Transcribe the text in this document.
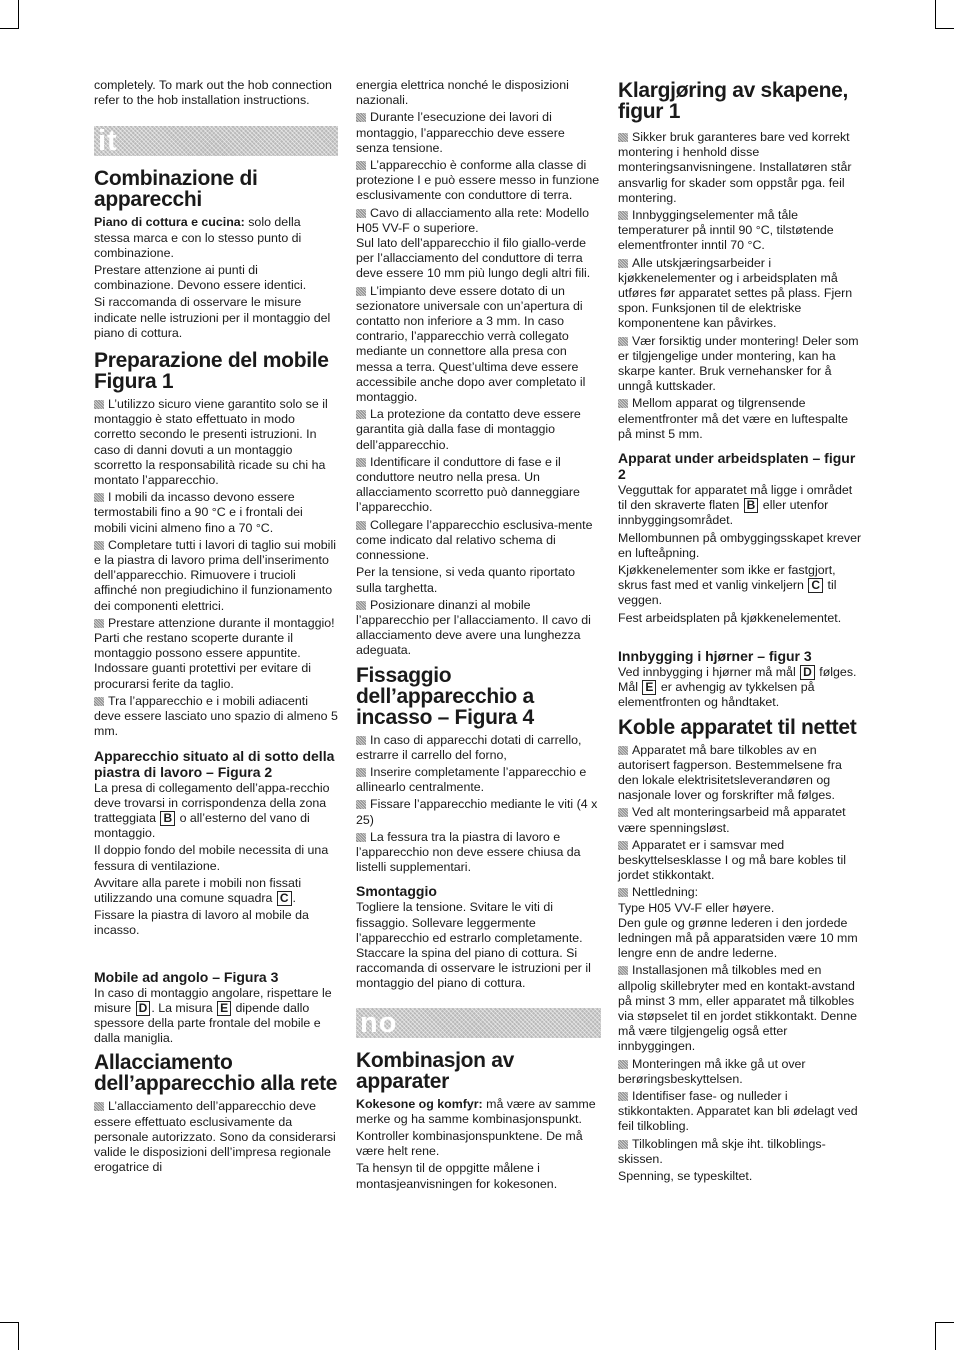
completely. To mark out the hob connection refer to the hob installation instructions.

it
Combinazione di apparecchi

Piano di cottura e cucina: solo della stessa marca e con lo stesso punto di combinazione.

Prestare attenzione ai punti di combinazione. Devono essere identici.

Si raccomanda di osservare le misure indicate nelle istruzioni per il montaggio del piano di cottura.

Preparazione del mobile Figura 1

L’utilizzo sicuro viene garantito solo se il montaggio è stato effettuato in modo corretto secondo le presenti istruzioni. In caso di danni dovuti a un montaggio scorretto la responsabilità ricade su chi ha montato l’apparecchio.

I mobili da incasso devono essere termostabili fino a 90 °C e i frontali dei mobili vicini almeno fino a 70 °C.

Completare tutti i lavori di taglio sui mobili e la piastra di lavoro prima dell’inserimento dell’apparecchio. Rimuovere i trucioli affinché non pregiudichino il funzionamento dei componenti elettrici.

Prestare attenzione durante il montaggio! Parti che restano scoperte durante il montaggio possono essere appuntite. Indossare guanti protettivi per evitare di procurarsi ferite da taglio.

Tra l’apparecchio e i mobili adiacenti deve essere lasciato uno spazio di almeno 5 mm.

Apparecchio situato al di sotto della piastra di lavoro – Figura 2

La presa di collegamento dell’appa-recchio deve trovarsi in corrispondenza della zona tratteggiata B o all’esterno del vano di montaggio.

Il doppio fondo del mobile necessita di una fessura di ventilazione.

Avvitare alla parete i mobili non fissati utilizzando una comune squadra C .

Fissare la piastra di lavoro al mobile da incasso.

Mobile ad angolo – Figura 3

In caso di montaggio angolare, rispettare le misure D . La misura E dipende dallo spessore della parte frontale del mobile e dalla maniglia.

Allacciamento dell’apparecchio alla rete

L’allacciamento dell’apparecchio deve essere effettuato esclusivamente da personale autorizzato. Sono da considerarsi valide le disposizioni dell’impresa regionale erogatrice di

energia elettrica nonché le disposizioni nazionali.

Durante l’esecuzione dei lavori di montaggio, l’apparecchio deve essere senza tensione.

L’apparecchio è conforme alla classe di protezione I e può essere messo in funzione esclusivamente con conduttore di terra.

Cavo di allacciamento alla rete: Modello H05 VV-F o superiore.

Sul lato dell’apparecchio il filo giallo-verde per l’allacciamento del conduttore di terra deve essere 10 mm più lungo degli altri fili.

L’impianto deve essere dotato di un sezionatore universale con un’apertura di contatto non inferiore a 3 mm. In caso contrario, l’apparecchio verrà collegato mediante un connettore alla presa con messa a terra. Quest’ultima deve essere accessibile anche dopo aver completato il montaggio.

La protezione da contatto deve essere garantita già dalla fase di montaggio dell’apparecchio.

Identificare il conduttore di fase e il conduttore neutro nella presa. Un allacciamento scorretto può danneggiare l’apparecchio.

Collegare l’apparecchio esclusiva-mente come indicato dal relativo schema di connessione.

Per la tensione, si veda quanto riportato sulla targhetta.

Posizionare dinanzi al mobile l’apparecchio per l’allacciamento. Il cavo di allacciamento deve avere una lunghezza adeguata.

Fissaggio dell’apparecchio a incasso – Figura 4

In caso di apparecchi dotati di carrello, estrarre il carrello del forno,

Inserire completamente l’apparecchio e allinearlo centralmente.

Fissare l’apparecchio mediante le viti (4 x 25)

La fessura tra la piastra di lavoro e l’apparecchio non deve essere chiusa da listelli supplementari.

Smontaggio

Togliere la tensione. Svitare le viti di fissaggio. Sollevare leggermente l’apparecchio ed estrarlo completamente. Staccare la spina del piano di cottura. Si raccomanda di osservare le istruzioni per il montaggio del piano di cottura.

no
Kombinasjon av apparater

Kokesone og komfyr: må være av samme merke og ha samme kombinasjonspunkt.

Kontroller kombinasjonspunktene. De må være helt rene.

Ta hensyn til de oppgitte målene i montasjeanvisningen for kokesonen.

Klargjøring av skapene, figur 1

Sikker bruk garanteres bare ved korrekt montering i henhold disse monteringsanvisningene. Installatøren står ansvarlig for skader som oppstår pga. feil montering.

Innbyggingselementer må tåle temperaturer på inntil 90 °C, tilstøtende elementfronter inntil 70 °C.

Alle utskjæringsarbeider i kjøkkenelementer og i arbeidsplaten må utføres før apparatet settes på plass. Fjern spon. Funksjonen til de elektriske komponentene kan påvirkes.

Vær forsiktig under montering! Deler som er tilgjengelige under montering, kan ha skarpe kanter. Bruk vernehansker for å unngå kuttskader.

Mellom apparat og tilgrensende elementfronter må det være en luftespalte på minst 5 mm.

Apparat under arbeidsplaten – figur 2

Vegguttak for apparatet må ligge i området til den skraverte flaten B eller utenfor innbyggingsområdet.

Mellombunnen på ombyggingsskapet krever en lufteåpning.

Kjøkkenelementer som ikke er fastgjort, skrus fast med et vanlig vinkeljern C til veggen.

Fest arbeidsplaten på kjøkkenelementet.

Innbygging i hjørner – figur 3

Ved innbygging i hjørner må mål D følges. Mål E er avhengig av tykkelsen på elementfronten og håndtaket.

Koble apparatet til nettet

Apparatet må bare tilkobles av en autorisert fagperson. Bestemmelsene fra den lokale elektrisitetsleverandøren og nasjonale lover og forskrifter må følges.

Ved alt monteringsarbeid må apparatet være spenningsløst.

Apparatet er i samsvar med beskyttelsesklasse I og må bare kobles til jordet stikkontakt.

Nettledning:

Type H05 VV-F eller høyere.

Den gule og grønne lederen i den jordede ledningen må på apparatsiden være 10 mm lengre enn de andre lederne.

Installasjonen må tilkobles med en allpolig skillebryter med en kontakt-avstand på minst 3 mm, eller apparatet må tilkobles via støpselet til en jordet stikkontakt. Denne må være tilgjengelig også etter innbyggingen.

Monteringen må ikke gå ut over berøringsbeskyttelsen.

Identifiser fase- og nulleder i stikkontakten. Apparatet kan bli ødelagt ved feil tilkobling.

Tilkoblingen må skje iht. tilkoblings-skissen.

Spenning, se typeskiltet.
